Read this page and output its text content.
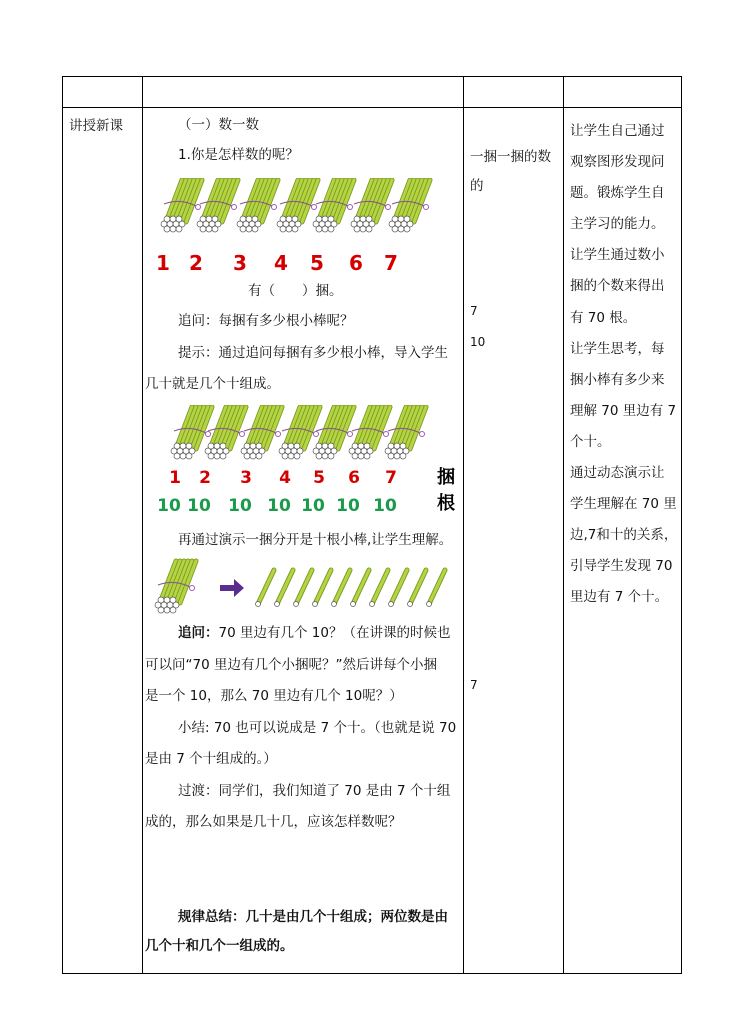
讲授新课	（一）数一数
1.你是怎样数的呢？
1 2 3 4 5 6 7
有（　　）捆。
追问：每捆有多少根小棒呢？
提示：通过追问每捆有多少根小棒，导入学生
几十就是几个十组成。
1 2 3 4 5 6 7
10 10 10 10 10 10 10
捆
根
再通过演示一捆分开是十根小棒,让学生理解。
追问：70 里边有几个 10？（在讲课的时候也
可以问“70 里边有几个小捆呢？”然后讲每个小捆
是一个 10，那么 70 里边有几个 10呢？）
小结: 70 也可以说成是 7 个十。（也就是说 70
是由 7 个十组成的。）
过渡：同学们，我们知道了 70 是由 7 个十组
成的，那么如果是几十几，应该怎样数呢？
规律总结：几十是由几个十组成；两位数是由
几个十和几个一组成的。
一捆一捆的数
的
7
10
7
让学生自己通过
观察图形发现问
题。锻炼学生自
主学习的能力。
让学生通过数小
捆的个数来得出
有 70 根。
让学生思考，每
捆小棒有多少来
理解 70 里边有 7
个十。
通过动态演示让
学生理解在 70 里
边,7和十的关系，
引导学生发现 70
里边有 7 个十。
